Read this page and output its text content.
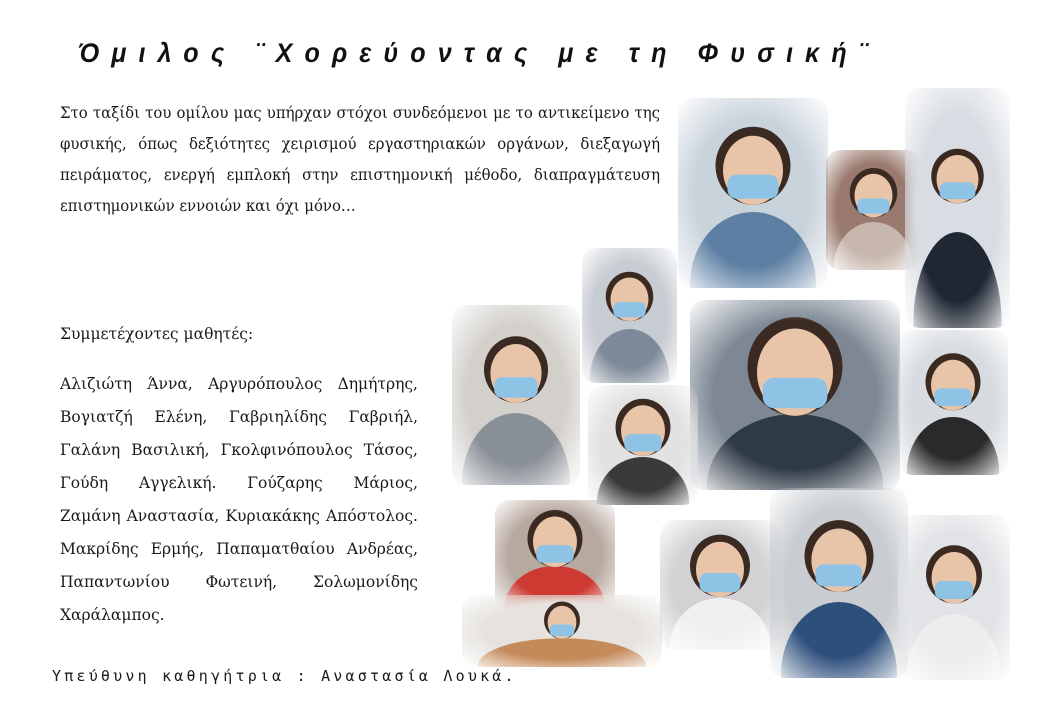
Όμιλος ¨Χορεύοντας με τη Φυσική¨
Στο ταξίδι του ομίλου μας υπήρχαν στόχοι συνδεόμενοι με το αντικείμενο της φυσικής, όπως δεξιότητες χειρισμού εργαστηριακών οργάνων, διεξαγωγή πειράματος, ενεργή εμπλοκή στην επιστημονική μέθοδο, διαπραγμάτευση επιστημονικών εννοιών και όχι μόνο…
Συμμετέχοντες μαθητές:
Αλιζιώτη Άννα, Αργυρόπουλος Δημήτρης,
Βογιατζή Ελένη, Γαβριηλίδης Γαβριήλ,
Γαλάνη Βασιλική, Γκολφινόπουλος Τάσος,
Γούδη Αγγελική. Γούζαρης Μάριος,
Ζαμάνη Αναστασία, Κυριακάκης Απόστολος.
Μακρίδης Ερμής, Παπαματθαίου Ανδρέας,
Παπαντωνίου Φωτεινή, Σολωμονίδης
Χαράλαμπος.
Υπεύθυνη καθηγήτρια : Αναστασία Λουκά.
